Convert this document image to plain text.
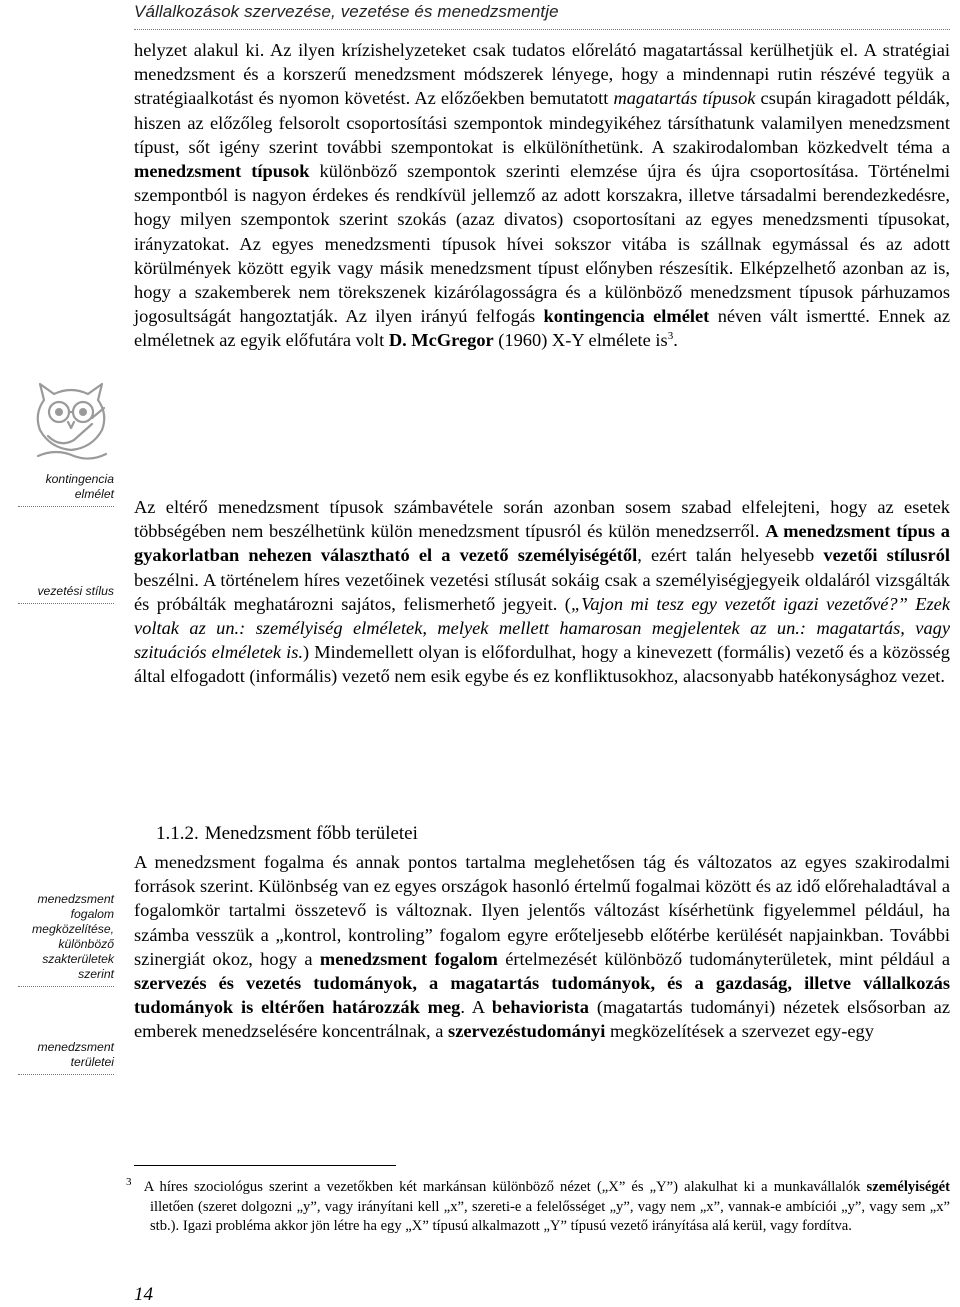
Vállalkozások szervezése, vezetése és menedzsmentje
kontingencia elmélet
vezetési stílus
menedzsment fogalom megközelítése, különböző szakterületek szerint
menedzsment területei

helyzet alakul ki. Az ilyen krízishelyzeteket csak tudatos előrelátó magatartással kerülhetjük el. A stratégiai menedzsment és a korszerű menedzsment módszerek lényege, hogy a mindennapi rutin részévé tegyük a stratégiaalkotást és nyomon követést. Az előzőekben bemutatott magatartás típusok csupán kiragadott példák, hiszen az előzőleg felsorolt csoportosítási szempontok mindegyikéhez társíthatunk valamilyen menedzsment típust, sőt igény szerint további szempontokat is elkülöníthetünk. A szakirodalomban közkedvelt téma a menedzsment típusok különböző szempontok szerinti elemzése újra és újra csoportosítása. Történelmi szempontból is nagyon érdekes és rendkívül jellemző az adott korszakra, illetve társadalmi berendezkedésre, hogy milyen szempontok szerint szokás (azaz divatos) csoportosítani az egyes menedzsmenti típusokat, irányzatokat. Az egyes menedzsmenti típusok hívei sokszor vitába is szállnak egymással és az adott körülmények között egyik vagy másik menedzsment típust előnyben részesítik. Elképzelhető azonban az is, hogy a szakemberek nem törekszenek kizárólagosságra és a különböző menedzsment típusok párhuzamos jogosultságát hangoztatják. Az ilyen irányú felfogás kontingencia elmélet néven vált ismertté. Ennek az elméletnek az egyik előfutára volt D. McGregor (1960) X-Y elmélete $is^3$.

Az eltérő menedzsment típusok számbavétele során azonban sosem szabad elfelejteni, hogy az esetek többségében nem beszélhetünk külön menedzsment típusról és külön menedzserről. A menedzsment típus a gyakorlatban nehezen választható el a vezető személyiségétől, ezért talán helyesebb vezetői stílusról beszélni. A történelem híres vezetőinek vezetési stílusát sokáig csak a személyiségjegyeik oldaláról vizsgálták és próbálták meghatározni sajátos, felismerhető jegyeit. („Vajon mi tesz egy vezetőt igazi vezetővé?” Ezek voltak az un.: személyiség elméletek, melyek mellett hamarosan megjelentek az un.: magatartás, vagy szituációs elméletek is.) Mindemellett olyan is előfordulhat, hogy a kinevezett (formális) vezető és a közösség által elfogadott (informális) vezető nem esik egybe és ez konfliktusokhoz, alacsonyabb hatékonysághoz vezet.

1.1.2. Menedzsment főbb területei

A menedzsment fogalma és annak pontos tartalma meglehetősen tág és változatos az egyes szakirodalmi források szerint. Különbség van ez egyes országok hasonló értelmű fogalmai között és az idő előrehaladtával a fogalomkör tartalmi összetevő is változnak. Ilyen jelentős változást kísérhetünk figyelemmel például, ha számba vesszük a „kontrol, kontroling” fogalom egyre erőteljesebb előtérbe kerülését napjainkban. További szinergiát okoz, hogy a menedzsment fogalom értelmezését különböző tudományterületek, mint például a szervezés és vezetés tudományok, a magatartás tudományok, és a gazdaság, illetve vállalkozás tudományok is eltérően határozzák meg. A behaviorista (magatartás tudományi) nézetek elsősorban az emberek menedzselésére koncentrálnak, a szervezéstudományi megközelítések a szervezet egy-egy

$^3$ A híres szociológus szerint a vezetőkben két markánsan különböző nézet („X” és „Y”) alakulhat ki a munkavállalók személyiségét illetően (szeret dolgozni „y”, vagy irányítani kell „x”, szereti-e a felelősséget „y”, vagy nem „x”, vannak-e ambíciói „y”, vagy sem „x” stb.). Igazi probléma akkor jön létre ha egy „X” típusú alkalmazott „Y” típusú vezető irányítása alá kerül, vagy fordítva.

14
